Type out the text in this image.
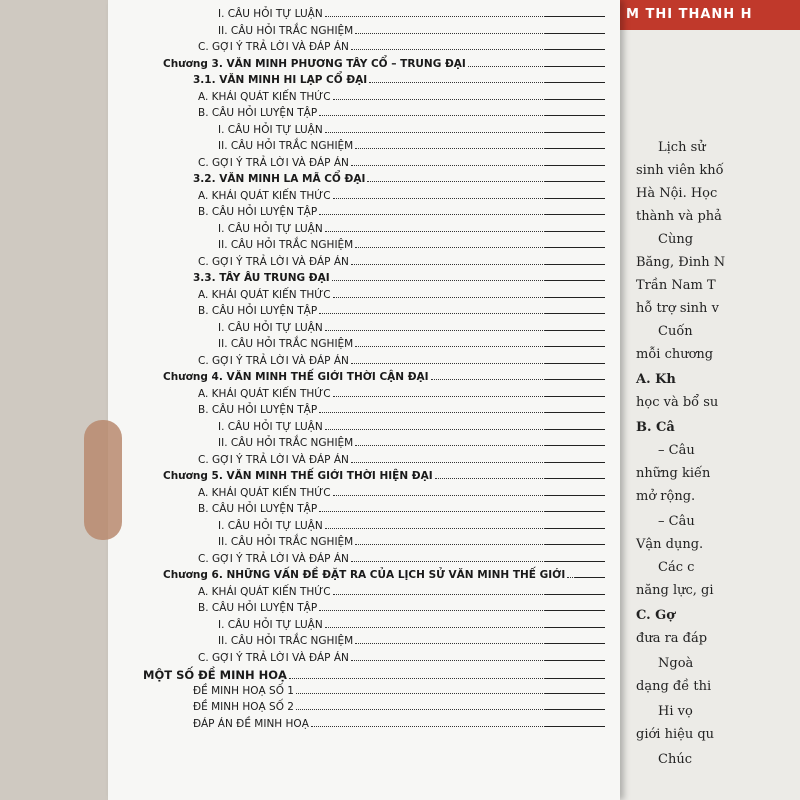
M THI THANH H
Lịch sử
sinh viên khố
Hà Nội. Học
thành và phả
Cùng
Băng, Đinh N
Trần Nam T
hỗ trợ sinh v
Cuốn
mỗi chương
A. Kh
học và bổ su
B. Câ
– Câu
những kiến
mở rộng.
– Câu
Vận dụng.
Các c
năng lực, gi
C. Gợ
đưa ra đáp
Ngoà
dạng đề thi
Hi vọ
giới hiệu qu
Chúc
I. CÂU HỎI TỰ LUẬN
II. CÂU HỎI TRẮC NGHIỆM
C. GỢI Ý TRẢ LỜI VÀ ĐÁP ÁN
Chương 3. VĂN MINH PHƯƠNG TÂY CỔ – TRUNG ĐẠI
3.1. VĂN MINH HI LẠP CỔ ĐẠI
A. KHÁI QUÁT KIẾN THỨC
B. CÂU HỎI LUYỆN TẬP
I. CÂU HỎI TỰ LUẬN
II. CÂU HỎI TRẮC NGHIỆM
C. GỢI Ý TRẢ LỜI VÀ ĐÁP ÁN
3.2. VĂN MINH LA MÃ CỔ ĐẠI
A. KHÁI QUÁT KIẾN THỨC
B. CÂU HỎI LUYỆN TẬP
I. CÂU HỎI TỰ LUẬN
II. CÂU HỎI TRẮC NGHIỆM
C. GỢI Ý TRẢ LỜI VÀ ĐÁP ÁN
3.3. TÂY ÂU TRUNG ĐẠI
A. KHÁI QUÁT KIẾN THỨC
B. CÂU HỎI LUYỆN TẬP
I. CÂU HỎI TỰ LUẬN
II. CÂU HỎI TRẮC NGHIỆM
C. GỢI Ý TRẢ LỜI VÀ ĐÁP ÁN
Chương 4. VĂN MINH THẾ GIỚI THỜI CẬN ĐẠI
A. KHÁI QUÁT KIẾN THỨC
B. CÂU HỎI LUYỆN TẬP
I. CÂU HỎI TỰ LUẬN
II. CÂU HỎI TRẮC NGHIỆM
C. GỢI Ý TRẢ LỜI VÀ ĐÁP ÁN
Chương 5. VĂN MINH THẾ GIỚI THỜI HIỆN ĐẠI
A. KHÁI QUÁT KIẾN THỨC
B. CÂU HỎI LUYỆN TẬP
I. CÂU HỎI TỰ LUẬN
II. CÂU HỎI TRẮC NGHIỆM
C. GỢI Ý TRẢ LỜI VÀ ĐÁP ÁN
Chương 6. NHỮNG VẤN ĐỀ ĐẶT RA CỦA LỊCH SỬ VĂN MINH THẾ GIỚI
A. KHÁI QUÁT KIẾN THỨC
B. CÂU HỎI LUYỆN TẬP
I. CÂU HỎI TỰ LUẬN
II. CÂU HỎI TRẮC NGHIỆM
C. GỢI Ý TRẢ LỜI VÀ ĐÁP ÁN
MỘT SỐ ĐỀ MINH HOẠ
ĐỀ MINH HOẠ SỐ 1
ĐỀ MINH HOẠ SỐ 2
ĐÁP ÁN ĐỀ MINH HOẠ
